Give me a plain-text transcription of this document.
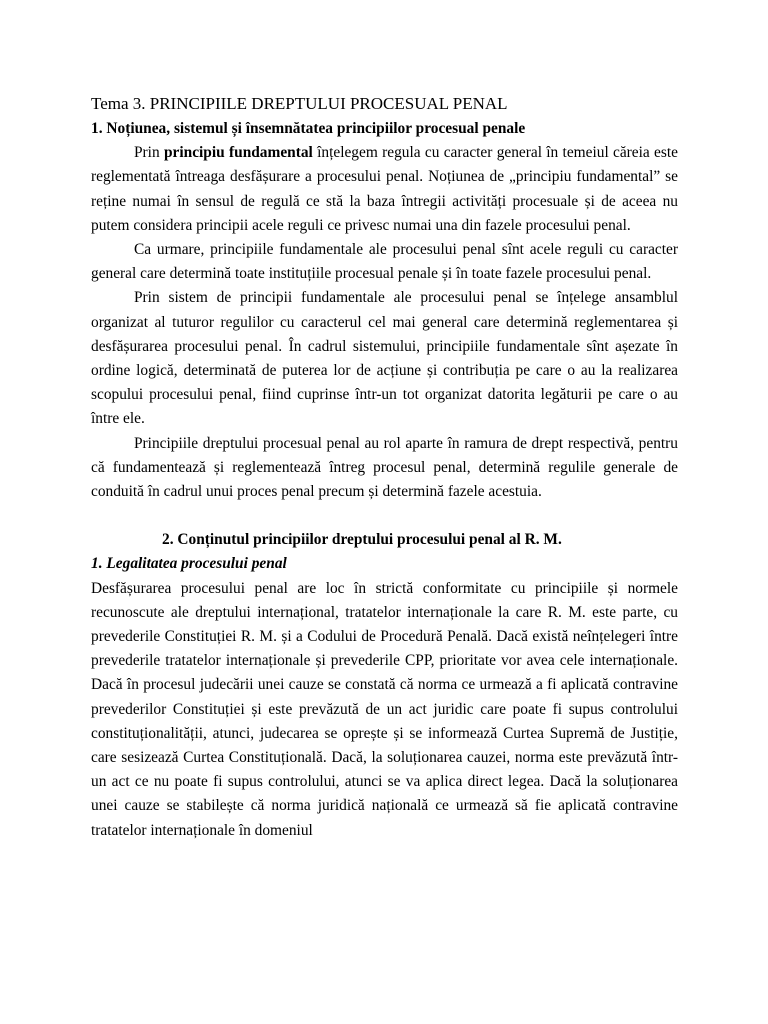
Tema 3. PRINCIPIILE DREPTULUI PROCESUAL PENAL
1. Noțiunea, sistemul și însemnătatea principiilor procesual penale

Prin principiu fundamental înțelegem regula cu caracter general în temeiul căreia este reglementată întreaga desfășurare a procesului penal. Noțiunea de „principiu fundamental” se reține numai în sensul de regulă ce stă la baza întregii activități procesuale și de aceea nu putem considera principii acele reguli ce privesc numai una din fazele procesului penal.

Ca urmare, principiile fundamentale ale procesului penal sînt acele reguli cu caracter general care determină toate instituțiile procesual penale și în toate fazele procesului penal.

Prin sistem de principii fundamentale ale procesului penal se înțelege ansamblul organizat al tuturor regulilor cu caracterul cel mai general care determină reglementarea și desfășurarea procesului penal. În cadrul sistemului, principiile fundamentale sînt așezate în ordine logică, determinată de puterea lor de acțiune și contribuția pe care o au la realizarea scopului procesului penal, fiind cuprinse într-un tot organizat datorita legăturii pe care o au între ele.

Principiile dreptului procesual penal au rol aparte în ramura de drept respectivă, pentru că fundamentează și reglementează întreg procesul penal, determină regulile generale de conduită în cadrul unui proces penal precum și determină fazele acestuia.

2. Conținutul principiilor dreptului procesului penal al R. M.
1. Legalitatea procesului penal

Desfășurarea procesului penal are loc în strictă conformitate cu principiile și normele recunoscute ale dreptului internațional, tratatelor internaționale la care R. M. este parte, cu prevederile Constituției R. M. și a Codului de Procedură Penală. Dacă există neînțelegeri între prevederile tratatelor internaționale și prevederile CPP, prioritate vor avea cele internaționale. Dacă în procesul judecării unei cauze se constată că norma ce urmează a fi aplicată contravine prevederilor Constituției și este prevăzută de un act juridic care poate fi supus controlului constituționalității, atunci, judecarea se oprește și se informează Curtea Supremă de Justiție, care sesizează Curtea Constituțională. Dacă, la soluționarea cauzei, norma este prevăzută într-un act ce nu poate fi supus controlului, atunci se va aplica direct legea. Dacă la soluționarea unei cauze se stabilește că norma juridică națională ce urmează să fie aplicată contravine tratatelor internaționale în domeniul
